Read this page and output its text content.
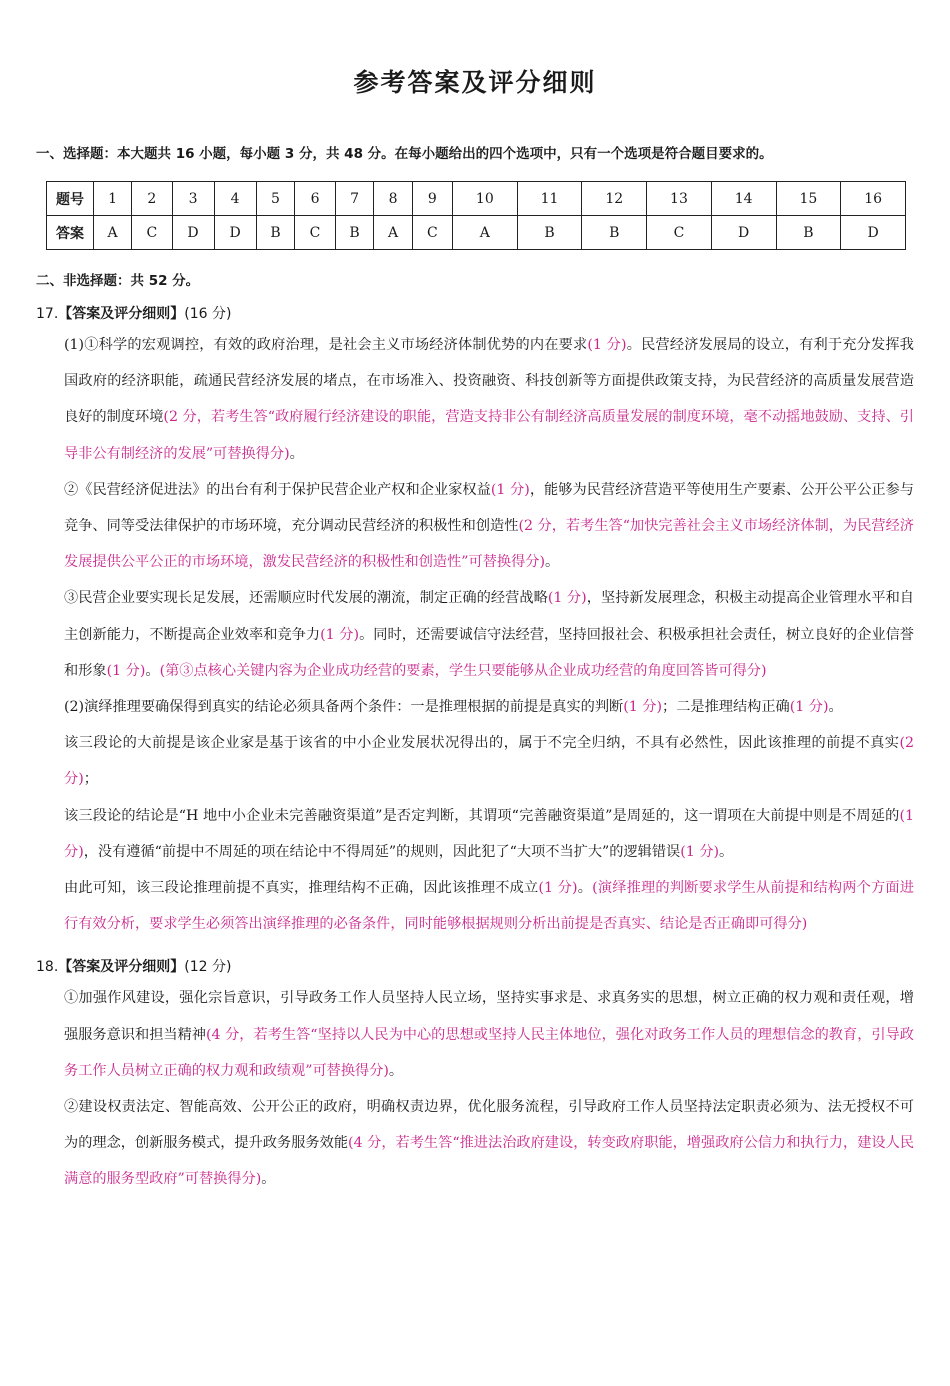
参考答案及评分细则

一、选择题：本大题共 16 小题，每小题 3 分，共 48 分。在每小题给出的四个选项中，只有一个选项是符合题目要求的。

题号	1	2	3	4	5	6	7	8	9	10	11	12	13	14	15	16
答案	A	C	D	D	B	C	B	A	C	A	B	B	C	D	B	D

二、非选择题：共 52 分。

17.【答案及评分细则】(16 分)

(1)①科学的宏观调控，有效的政府治理，是社会主义市场经济体制优势的内在要求(1 分)。民营经济发展局的设立，有利于充分发挥我国政府的经济职能，疏通民营经济发展的堵点，在市场准入、投资融资、科技创新等方面提供政策支持，为民营经济的高质量发展营造良好的制度环境(2 分，若考生答“政府履行经济建设的职能，营造支持非公有制经济高质量发展的制度环境，毫不动摇地鼓励、支持、引导非公有制经济的发展”可替换得分)。

②《民营经济促进法》的出台有利于保护民营企业产权和企业家权益(1 分)，能够为民营经济营造平等使用生产要素、公开公平公正参与竞争、同等受法律保护的市场环境，充分调动民营经济的积极性和创造性(2 分，若考生答“加快完善社会主义市场经济体制，为民营经济发展提供公平公正的市场环境，激发民营经济的积极性和创造性”可替换得分)。

③民营企业要实现长足发展，还需顺应时代发展的潮流，制定正确的经营战略(1 分)，坚持新发展理念，积极主动提高企业管理水平和自主创新能力，不断提高企业效率和竞争力(1 分)。同时，还需要诚信守法经营，坚持回报社会、积极承担社会责任，树立良好的企业信誉和形象(1 分)。(第③点核心关键内容为企业成功经营的要素，学生只要能够从企业成功经营的角度回答皆可得分)

(2)演绎推理要确保得到真实的结论必须具备两个条件：一是推理根据的前提是真实的判断(1 分)；二是推理结构正确(1 分)。

该三段论的大前提是该企业家是基于该省的中小企业发展状况得出的，属于不完全归纳，不具有必然性，因此该推理的前提不真实(2 分)；

该三段论的结论是“H 地中小企业未完善融资渠道”是否定判断，其谓项“完善融资渠道”是周延的，这一谓项在大前提中则是不周延的(1 分)，没有遵循“前提中不周延的项在结论中不得周延”的规则，因此犯了“大项不当扩大”的逻辑错误(1 分)。

由此可知，该三段论推理前提不真实，推理结构不正确，因此该推理不成立(1 分)。(演绎推理的判断要求学生从前提和结构两个方面进行有效分析，要求学生必须答出演绎推理的必备条件，同时能够根据规则分析出前提是否真实、结论是否正确即可得分)

18.【答案及评分细则】(12 分)

①加强作风建设，强化宗旨意识，引导政务工作人员坚持人民立场，坚持实事求是、求真务实的思想，树立正确的权力观和责任观，增强服务意识和担当精神(4 分，若考生答“坚持以人民为中心的思想或坚持人民主体地位，强化对政务工作人员的理想信念的教育，引导政务工作人员树立正确的权力观和政绩观”可替换得分)。

②建设权责法定、智能高效、公开公正的政府，明确权责边界，优化服务流程，引导政府工作人员坚持法定职责必须为、法无授权不可为的理念，创新服务模式，提升政务服务效能(4 分，若考生答“推进法治政府建设，转变政府职能，增强政府公信力和执行力，建设人民满意的服务型政府”可替换得分)。
